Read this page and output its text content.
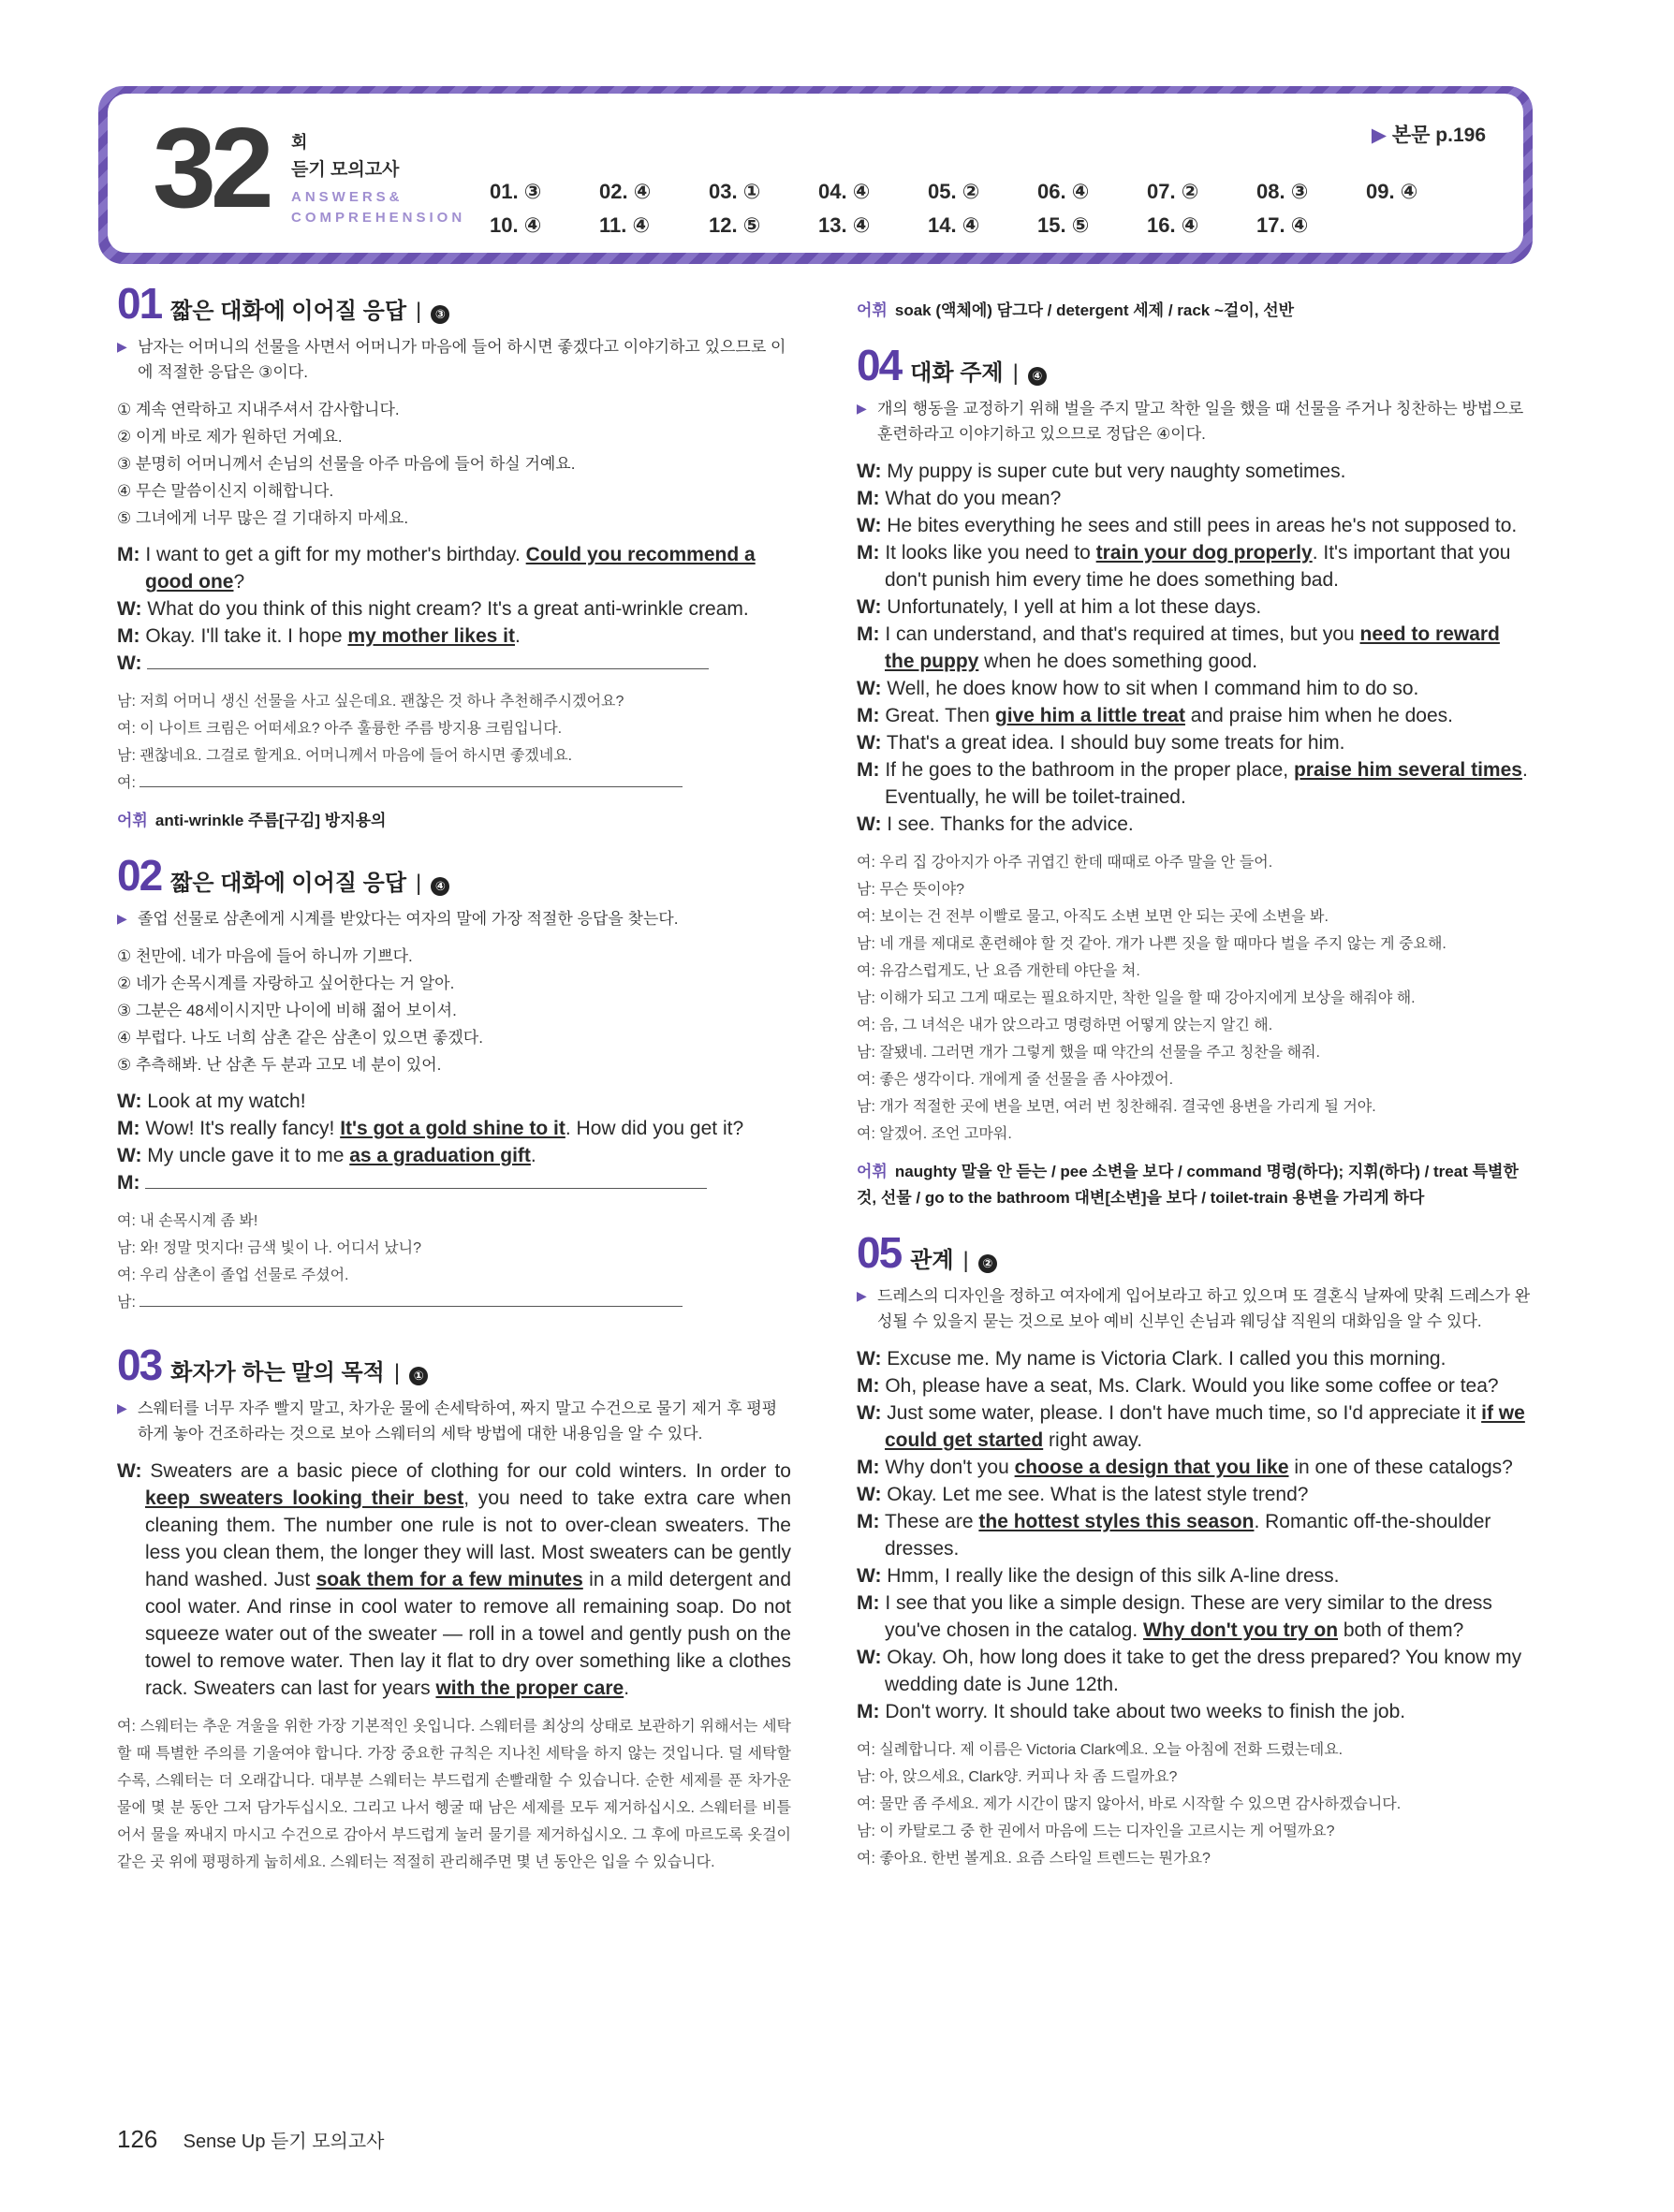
32 회
듣기 모의고사
ANSWERS&
COMPREHENSION
▶ 본문 p.196
01. ③	02. ④	03. ①	04. ④	05. ②	06. ④	07. ②	08. ③	09. ④
10. ④	11. ④	12. ⑤	13. ④	14. ④	15. ⑤	16. ④	17. ④
01 짧은 대화에 이어질 응답 |	③
▶ 남자는 어머니의 선물을 사면서 어머니가 마음에 들어 하시면 좋겠다고 이야기하고 있으므로 이에 적절한 응답은 ③이다.
① 계속 연락하고 지내주셔서 감사합니다.
② 이게 바로 제가 원하던 거예요.
③ 분명히 어머니께서 손님의 선물을 아주 마음에 들어 하실 거예요.
④ 무슨 말씀이신지 이해합니다.
⑤ 그녀에게 너무 많은 걸 기대하지 마세요.
M: I want to get a gift for my mother's birthday. Could you recommend a good one?
W: What do you think of this night cream? It's a great anti-wrinkle cream.
M: Okay. I'll take it. I hope my mother likes it.
W:
남: 저희 어머니 생신 선물을 사고 싶은데요. 괜찮은 것 하나 추천해주시겠어요?
여: 이 나이트 크림은 어떠세요? 아주 훌륭한 주름 방지용 크림입니다.
남: 괜찮네요. 그걸로 할게요. 어머니께서 마음에 들어 하시면 좋겠네요.
여:
어휘 anti-wrinkle 주름[구김] 방지용의
02 짧은 대화에 이어질 응답 |	④
▶ 졸업 선물로 삼촌에게 시계를 받았다는 여자의 말에 가장 적절한 응답을 찾는다.
① 천만에. 네가 마음에 들어 하니까 기쁘다.
② 네가 손목시계를 자랑하고 싶어한다는 거 알아.
③ 그분은 48세이시지만 나이에 비해 젊어 보이셔.
④ 부럽다. 나도 너희 삼촌 같은 삼촌이 있으면 좋겠다.
⑤ 추측해봐. 난 삼촌 두 분과 고모 네 분이 있어.
W: Look at my watch!
M: Wow! It's really fancy! It's got a gold shine to it. How did you get it?
W: My uncle gave it to me as a graduation gift.
M:
여: 내 손목시계 좀 봐!
남: 와! 정말 멋지다! 금색 빛이 나. 어디서 났니?
여: 우리 삼촌이 졸업 선물로 주셨어.
남:
03 화자가 하는 말의 목적 |	①
▶ 스웨터를 너무 자주 빨지 말고, 차가운 물에 손세탁하여, 짜지 말고 수건으로 물기 제거 후 평평하게 놓아 건조하라는 것으로 보아 스웨터의 세탁 방법에 대한 내용임을 알 수 있다.
W: Sweaters are a basic piece of clothing for our cold winters. In order to keep sweaters looking their best, you need to take extra care when cleaning them. The number one rule is not to over-clean sweaters. The less you clean them, the longer they will last. Most sweaters can be gently hand washed. Just soak them for a few minutes in a mild detergent and cool water. And rinse in cool water to remove all remaining soap. Do not squeeze water out of the sweater — roll in a towel and gently push on the towel to remove water. Then lay it flat to dry over something like a clothes rack. Sweaters can last for years with the proper care.
여: 스웨터는 추운 겨울을 위한 가장 기본적인 옷입니다. 스웨터를 최상의 상태로 보관하기 위해서는 세탁할 때 특별한 주의를 기울여야 합니다. 가장 중요한 규칙은 지나친 세탁을 하지 않는 것입니다. 덜 세탁할수록, 스웨터는 더 오래갑니다. 대부분 스웨터는 부드럽게 손빨래할 수 있습니다. 순한 세제를 푼 차가운 물에 몇 분 동안 그저 담가두십시오. 그리고 나서 헹굴 때 남은 세제를 모두 제거하십시오. 스웨터를 비틀어서 물을 짜내지 마시고 수건으로 감아서 부드럽게 눌러 물기를 제거하십시오. 그 후에 마르도록 옷걸이 같은 곳 위에 평평하게 눕히세요. 스웨터는 적절히 관리해주면 몇 년 동안은 입을 수 있습니다.
어휘 soak (액체에) 담그다 / detergent 세제 / rack ~걸이, 선반
04 대화 주제 |	④
▶ 개의 행동을 교정하기 위해 벌을 주지 말고 착한 일을 했을 때 선물을 주거나 칭찬하는 방법으로 훈련하라고 이야기하고 있으므로 정답은 ④이다.
W: My puppy is super cute but very naughty sometimes.
M: What do you mean?
W: He bites everything he sees and still pees in areas he's not supposed to.
M: It looks like you need to train your dog properly. It's important that you don't punish him every time he does something bad.
W: Unfortunately, I yell at him a lot these days.
M: I can understand, and that's required at times, but you need to reward the puppy when he does something good.
W: Well, he does know how to sit when I command him to do so.
M: Great. Then give him a little treat and praise him when he does.
W: That's a great idea. I should buy some treats for him.
M: If he goes to the bathroom in the proper place, praise him several times. Eventually, he will be toilet-trained.
W: I see. Thanks for the advice.
여: 우리 집 강아지가 아주 귀엽긴 한데 때때로 아주 말을 안 들어.
남: 무슨 뜻이야?
여: 보이는 건 전부 이빨로 물고, 아직도 소변 보면 안 되는 곳에 소변을 봐.
남: 네 개를 제대로 훈련해야 할 것 같아. 개가 나쁜 짓을 할 때마다 벌을 주지 않는 게 중요해.
여: 유감스럽게도, 난 요즘 개한테 야단을 쳐.
남: 이해가 되고 그게 때로는 필요하지만, 착한 일을 할 때 강아지에게 보상을 해줘야 해.
여: 음, 그 녀석은 내가 앉으라고 명령하면 어떻게 앉는지 알긴 해.
남: 잘됐네. 그러면 개가 그렇게 했을 때 약간의 선물을 주고 칭찬을 해줘.
여: 좋은 생각이다. 개에게 줄 선물을 좀 사야겠어.
남: 개가 적절한 곳에 변을 보면, 여러 번 칭찬해줘. 결국엔 용변을 가리게 될 거야.
여: 알겠어. 조언 고마워.
어휘 naughty 말을 안 듣는 / pee 소변을 보다 / command 명령(하다); 지휘(하다) / treat 특별한 것, 선물 / go to the bathroom 대변[소변]을 보다 / toilet-train 용변을 가리게 하다
05 관계 |	②
▶ 드레스의 디자인을 정하고 여자에게 입어보라고 하고 있으며 또 결혼식 날짜에 맞춰 드레스가 완성될 수 있을지 묻는 것으로 보아 예비 신부인 손님과 웨딩샵 직원의 대화임을 알 수 있다.
W: Excuse me. My name is Victoria Clark. I called you this morning.
M: Oh, please have a seat, Ms. Clark. Would you like some coffee or tea?
W: Just some water, please. I don't have much time, so I'd appreciate it if we could get started right away.
M: Why don't you choose a design that you like in one of these catalogs?
W: Okay. Let me see. What is the latest style trend?
M: These are the hottest styles this season. Romantic off-the-shoulder dresses.
W: Hmm, I really like the design of this silk A-line dress.
M: I see that you like a simple design. These are very similar to the dress you've chosen in the catalog. Why don't you try on both of them?
W: Okay. Oh, how long does it take to get the dress prepared? You know my wedding date is June 12th.
M: Don't worry. It should take about two weeks to finish the job.
여: 실례합니다. 제 이름은 Victoria Clark예요. 오늘 아침에 전화 드렸는데요.
남: 아, 앉으세요, Clark양. 커피나 차 좀 드릴까요?
여: 물만 좀 주세요. 제가 시간이 많지 않아서, 바로 시작할 수 있으면 감사하겠습니다.
남: 이 카탈로그 중 한 권에서 마음에 드는 디자인을 고르시는 게 어떨까요?
여: 좋아요. 한번 볼게요. 요즘 스타일 트렌드는 뭔가요?
126 Sense Up 듣기 모의고사
